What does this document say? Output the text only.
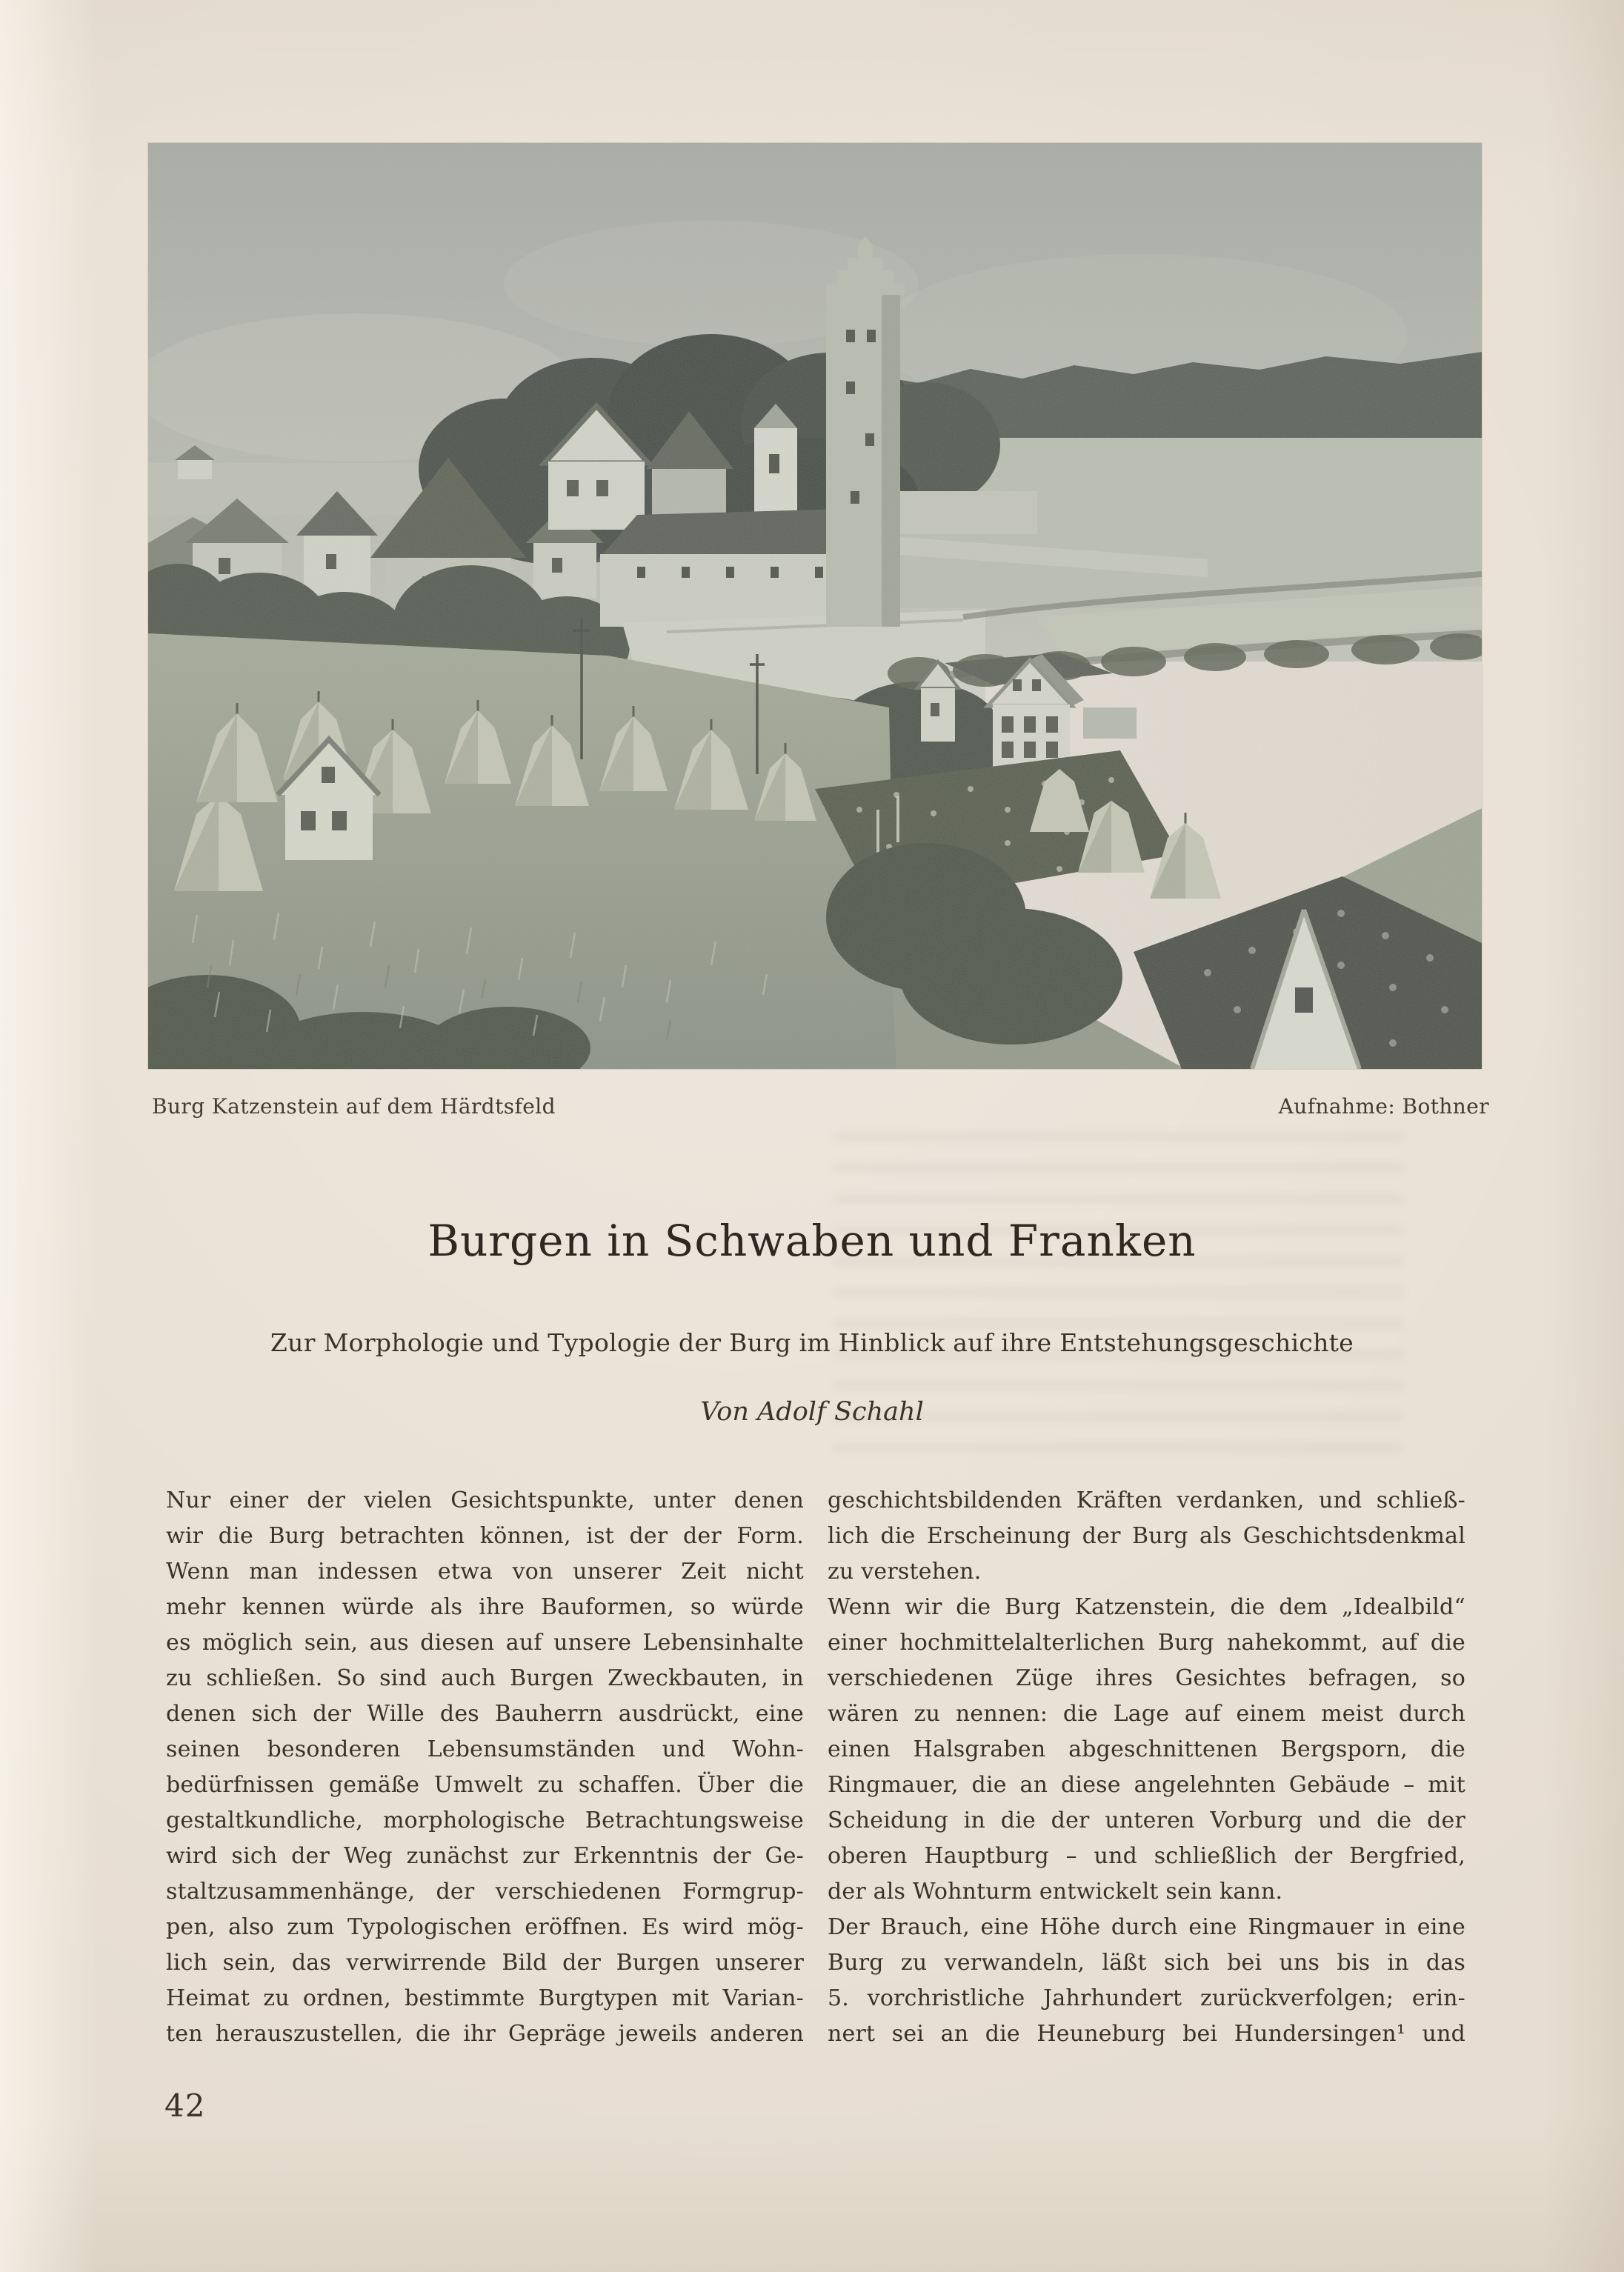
Burg Katzenstein auf dem Härdtsfeld	Aufnahme: Bothner
Burgen in Schwaben und Franken
Zur Morphologie und Typologie der Burg im Hinblick auf ihre Entstehungsgeschichte
Von Adolf Schahl
Nur einer der vielen Gesichtspunkte, unter denen
wir die Burg betrachten können, ist der der Form.
Wenn man indessen etwa von unserer Zeit nicht
mehr kennen würde als ihre Bauformen, so würde
es möglich sein, aus diesen auf unsere Lebensinhalte
zu schließen. So sind auch Burgen Zweckbauten, in
denen sich der Wille des Bauherrn ausdrückt, eine
seinen besonderen Lebensumständen und Wohn-
bedürfnissen gemäße Umwelt zu schaffen. Über die
gestaltkundliche, morphologische Betrachtungsweise
wird sich der Weg zunächst zur Erkenntnis der Ge-
staltzusammenhänge, der verschiedenen Formgrup-
pen, also zum Typologischen eröffnen. Es wird mög-
lich sein, das verwirrende Bild der Burgen unserer
Heimat zu ordnen, bestimmte Burgtypen mit Varian-
ten herauszustellen, die ihr Gepräge jeweils anderen
geschichtsbildenden Kräften verdanken, und schließ-
lich die Erscheinung der Burg als Geschichtsdenkmal
zu verstehen.
Wenn wir die Burg Katzenstein, die dem „Idealbild“
einer hochmittelalterlichen Burg nahekommt, auf die
verschiedenen Züge ihres Gesichtes befragen, so
wären zu nennen: die Lage auf einem meist durch
einen Halsgraben abgeschnittenen Bergsporn, die
Ringmauer, die an diese angelehnten Gebäude – mit
Scheidung in die der unteren Vorburg und die der
oberen Hauptburg – und schließlich der Bergfried,
der als Wohnturm entwickelt sein kann.
Der Brauch, eine Höhe durch eine Ringmauer in eine
Burg zu verwandeln, läßt sich bei uns bis in das
5. vorchristliche Jahrhundert zurückverfolgen; erin-
nert sei an die Heuneburg bei Hundersingen¹ und
42
